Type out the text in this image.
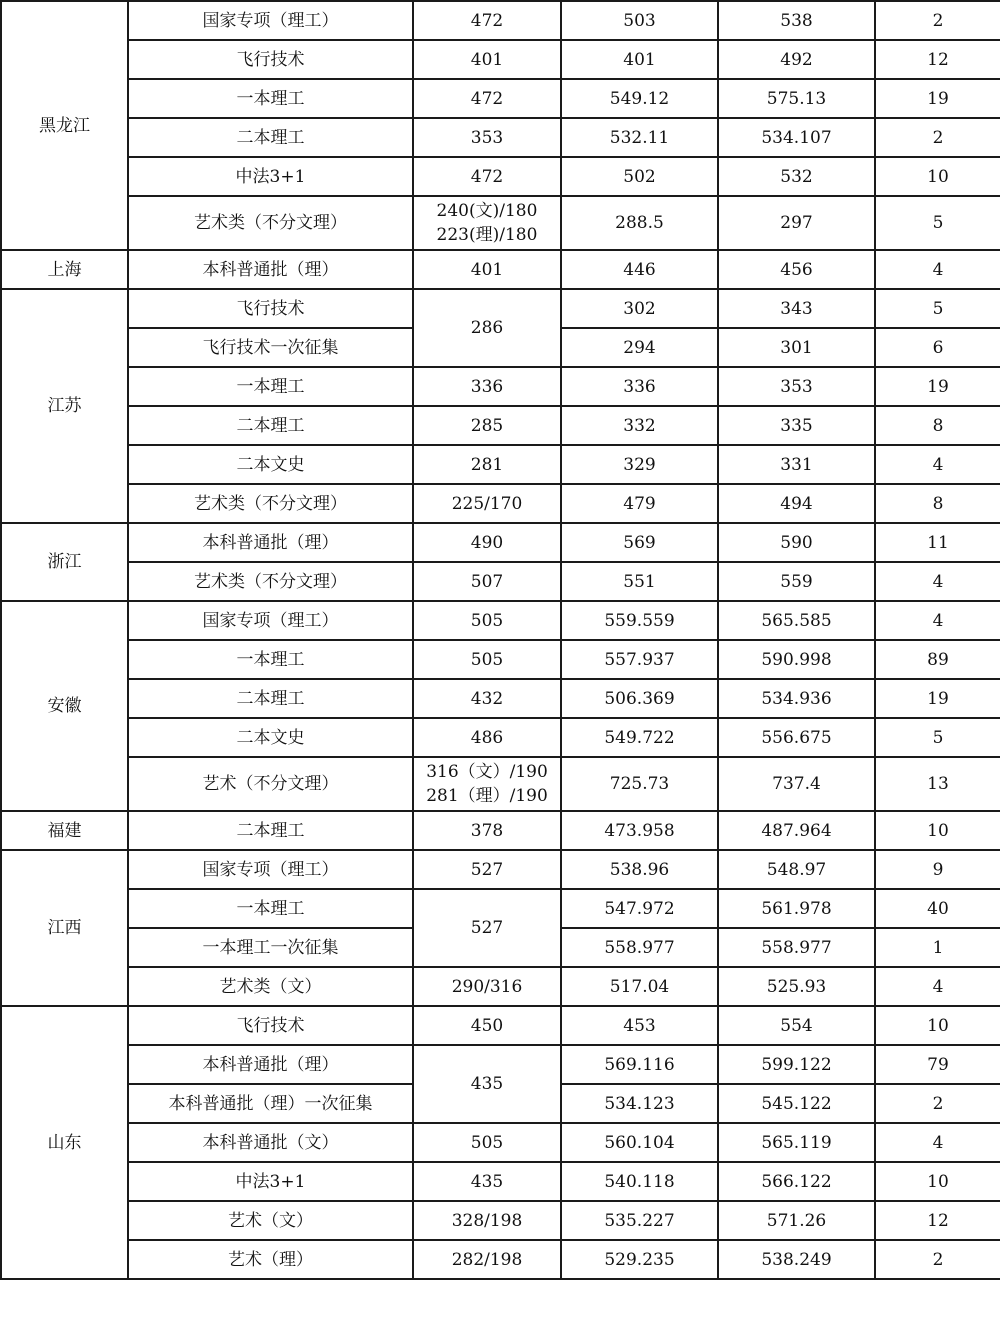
黑龙江	国家专项（理工）	472	503	538	2
	飞行技术	401	401	492	12
	一本理工	472	549.12	575.13	19
	二本理工	353	532.11	534.107	2
	中法3+1	472	502	532	10
	艺术类（不分文理）	240(文)/180
223(理)/180	288.5	297	5
上海	本科普通批（理）	401	446	456	4
江苏	飞行技术	286	302	343	5
	飞行技术一次征集		294	301	6
	一本理工	336	336	353	19
	二本理工	285	332	335	8
	二本文史	281	329	331	4
	艺术类（不分文理）	225/170	479	494	8
浙江	本科普通批（理）	490	569	590	11
	艺术类（不分文理）	507	551	559	4
安徽	国家专项（理工）	505	559.559	565.585	4
	一本理工	505	557.937	590.998	89
	二本理工	432	506.369	534.936	19
	二本文史	486	549.722	556.675	5
	艺术（不分文理）	316（文）/190
281（理）/190	725.73	737.4	13
福建	二本理工	378	473.958	487.964	10
江西	国家专项（理工）	527	538.96	548.97	9
	一本理工	527	547.972	561.978	40
	一本理工一次征集		558.977	558.977	1
	艺术类（文）	290/316	517.04	525.93	4
山东	飞行技术	450	453	554	10
	本科普通批（理）	435	569.116	599.122	79
	本科普通批（理）一次征集		534.123	545.122	2
	本科普通批（文）	505	560.104	565.119	4
	中法3+1	435	540.118	566.122	10
	艺术（文）	328/198	535.227	571.26	12
	艺术（理）	282/198	529.235	538.249	2
